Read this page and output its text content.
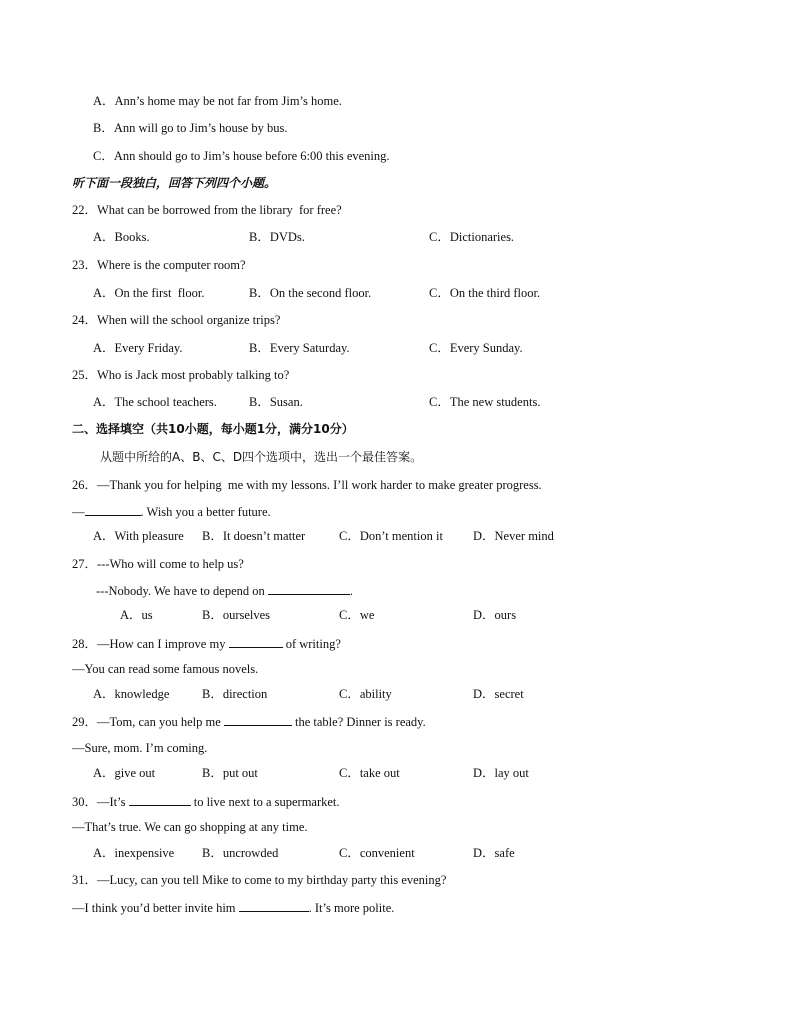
A．Ann’s home may be not far from Jim’s home.
B．Ann will go to Jim’s house by bus.
C．Ann should go to Jim’s house before 6:00 this evening.
听下面一段独白，回答下列四个小题。
22．What can be borrowed from the library  for free?
A．Books.	B．DVDs.	C．Dictionaries.
23．Where is the computer room?
A．On the first  floor.	B．On the second floor.	C．On the third floor.
24．When will the school organize trips?
A．Every Friday.	B．Every Saturday.	C．Every Sunday.
25．Who is Jack most probably talking to?
A．The school teachers.	B．Susan.	C．The new students.
二、选择填空（共10小题，每小题1分，满分10分）
从题中所给的A、B、C、D四个选项中，选出一个最佳答案。
26．—Thank you for helping  me with my lessons. I’ll work harder to make greater progress.
—	. Wish you a better future.
A．With pleasure B．It doesn’t matter	C．Don’t mention it D．Never mind
27．---Who will come to help us?
---Nobody. We have to depend on	.
A．us	B．ourselves	C．we	D．ours
28．—How can I improve my	of writing?
—You can read some famous novels.
A．knowledge	B．direction	C．ability	D．secret
29．—Tom, can you help me	the table? Dinner is ready.
—Sure, mom. I’m coming.
A．give out	B．put out	C．take out	D．lay out
30．—It’s	to live next to a supermarket.
—That’s true. We can go shopping at any time.
A．inexpensive B．uncrowded	C．convenient	D．safe
31．—Lucy, can you tell Mike to come to my birthday party this evening?
—I think you’d better invite him	. It’s more polite.
